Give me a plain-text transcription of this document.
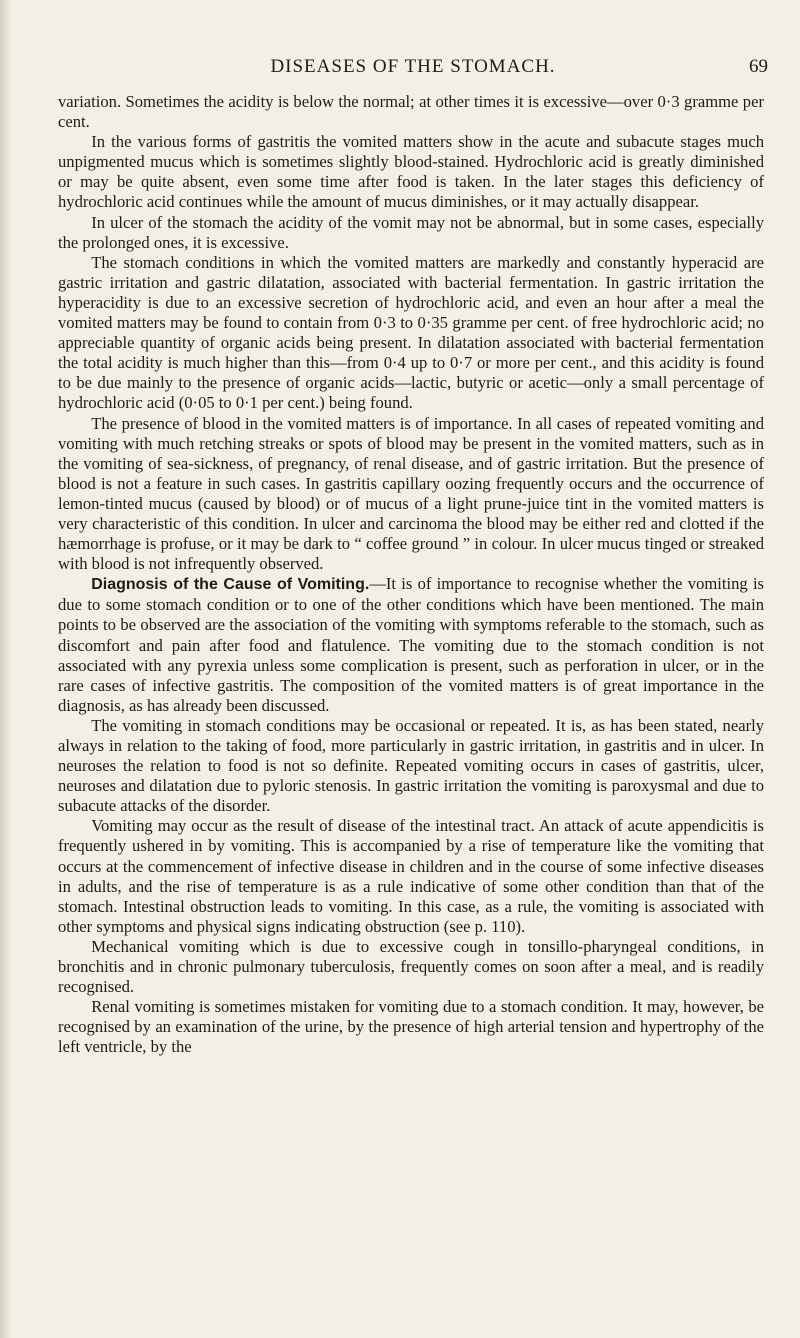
DISEASES OF THE STOMACH.	69

variation. Sometimes the acidity is below the normal; at other times it is excessive—over 0·3 gramme per cent.

In the various forms of gastritis the vomited matters show in the acute and subacute stages much unpigmented mucus which is sometimes slightly blood-stained. Hydrochloric acid is greatly diminished or may be quite absent, even some time after food is taken. In the later stages this deficiency of hydrochloric acid continues while the amount of mucus diminishes, or it may actually disappear.

In ulcer of the stomach the acidity of the vomit may not be abnormal, but in some cases, especially the prolonged ones, it is excessive.

The stomach conditions in which the vomited matters are markedly and constantly hyperacid are gastric irritation and gastric dilatation, associated with bacterial fermentation. In gastric irritation the hyperacidity is due to an excessive secretion of hydrochloric acid, and even an hour after a meal the vomited matters may be found to contain from 0·3 to 0·35 gramme per cent. of free hydrochloric acid; no appreciable quantity of organic acids being present. In dilatation associated with bacterial fermentation the total acidity is much higher than this—from 0·4 up to 0·7 or more per cent., and this acidity is found to be due mainly to the presence of organic acids—lactic, butyric or acetic—only a small percentage of hydrochloric acid (0·05 to 0·1 per cent.) being found.

The presence of blood in the vomited matters is of importance. In all cases of repeated vomiting and vomiting with much retching streaks or spots of blood may be present in the vomited matters, such as in the vomiting of sea-sickness, of pregnancy, of renal disease, and of gastric irritation. But the presence of blood is not a feature in such cases. In gastritis capillary oozing frequently occurs and the occurrence of lemon-tinted mucus (caused by blood) or of mucus of a light prune-juice tint in the vomited matters is very characteristic of this condition. In ulcer and carcinoma the blood may be either red and clotted if the hæmorrhage is profuse, or it may be dark to “ coffee ground ” in colour. In ulcer mucus tinged or streaked with blood is not infrequently observed.

Diagnosis of the Cause of Vomiting.—It is of importance to recognise whether the vomiting is due to some stomach condition or to one of the other conditions which have been mentioned. The main points to be observed are the association of the vomiting with symptoms referable to the stomach, such as discomfort and pain after food and flatulence. The vomiting due to the stomach condition is not associated with any pyrexia unless some complication is present, such as perforation in ulcer, or in the rare cases of infective gastritis. The composition of the vomited matters is of great importance in the diagnosis, as has already been discussed.

The vomiting in stomach conditions may be occasional or repeated. It is, as has been stated, nearly always in relation to the taking of food, more particularly in gastric irritation, in gastritis and in ulcer. In neuroses the relation to food is not so definite. Repeated vomiting occurs in cases of gastritis, ulcer, neuroses and dilatation due to pyloric stenosis. In gastric irritation the vomiting is paroxysmal and due to subacute attacks of the disorder.

Vomiting may occur as the result of disease of the intestinal tract. An attack of acute appendicitis is frequently ushered in by vomiting. This is accompanied by a rise of temperature like the vomiting that occurs at the commencement of infective disease in children and in the course of some infective diseases in adults, and the rise of temperature is as a rule indicative of some other condition than that of the stomach. Intestinal obstruction leads to vomiting. In this case, as a rule, the vomiting is associated with other symptoms and physical signs indicating obstruction (see p. 110).

Mechanical vomiting which is due to excessive cough in tonsillo-pharyngeal conditions, in bronchitis and in chronic pulmonary tuberculosis, frequently comes on soon after a meal, and is readily recognised.

Renal vomiting is sometimes mistaken for vomiting due to a stomach condition. It may, however, be recognised by an examination of the urine, by the presence of high arterial tension and hypertrophy of the left ventricle, by the
